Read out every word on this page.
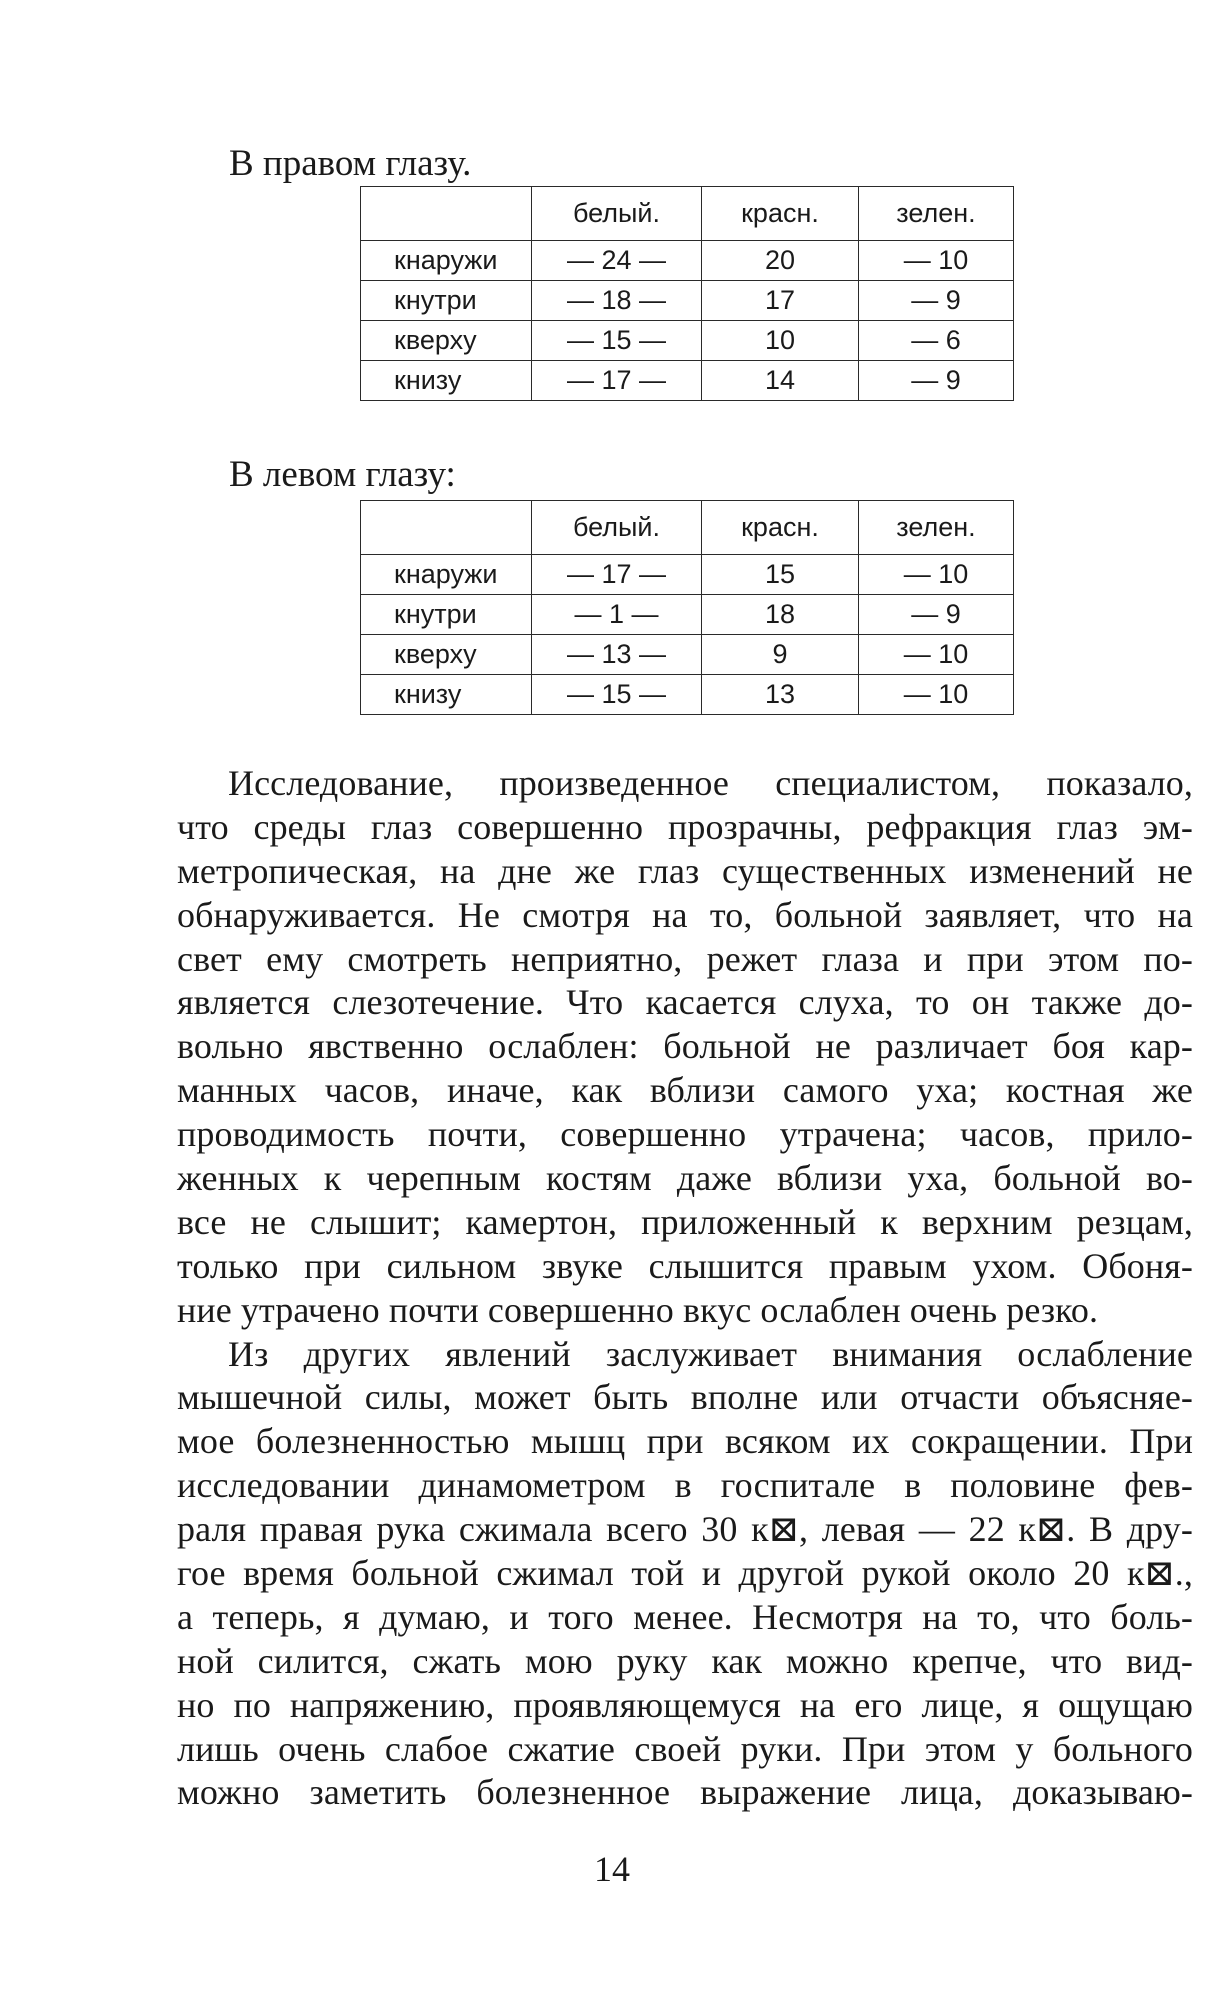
В правом глазу.
	белый.	красн.	зелен.
кнаружи	— 24 —	20	— 10
кнутри	— 18 —	17	— 9
кверху	— 15 —	10	— 6
книзу	— 17 —	14	— 9
В левом глазу:
	белый.	красн.	зелен.
кнаружи	— 17 —	15	— 10
кнутри	— 1 —	18	— 9
кверху	— 13 —	9	— 10
книзу	— 15 —	13	— 10

Исследование, произведенное специалистом, показало,
что среды глаз совершенно прозрачны, рефракция глаз эм-
метропическая, на дне же глаз существенных изменений не
обнаруживается. Не смотря на то, больной заявляет, что на
свет ему смотреть неприятно, режет глаза и при этом по-
является слезотечение. Что касается слуха, то он также до-
вольно явственно ослаблен: больной не различает боя кар-
манных часов, иначе, как вблизи самого уха; костная же
проводимость почти, совершенно утрачена; часов, прило-
женных к черепным костям даже вблизи уха, больной во-
все не слышит; камертон, приложенный к верхним резцам,
только при сильном звуке слышится правым ухом. Обоня-
ние утрачено почти совершенно вкус ослаблен очень резко.

Из других явлений заслуживает внимания ослабление
мышечной силы, может быть вполне или отчасти объясняе-
мое болезненностью мышц при всяком их сокращении. При
исследовании динамометром в госпитале в половине фев-
раля правая рука сжимала всего 30 к⊠, левая — 22 к⊠. В дру-
гое время больной сжимал той и другой рукой около 20 к⊠.,
а теперь, я думаю, и того менее. Несмотря на то, что боль-
ной силится, сжать мою руку как можно крепче, что вид-
но по напряжению, проявляющемуся на его лице, я ощущаю
лишь очень слабое сжатие своей руки. При этом у больного
можно заметить болезненное выражение лица, доказываю-

14
